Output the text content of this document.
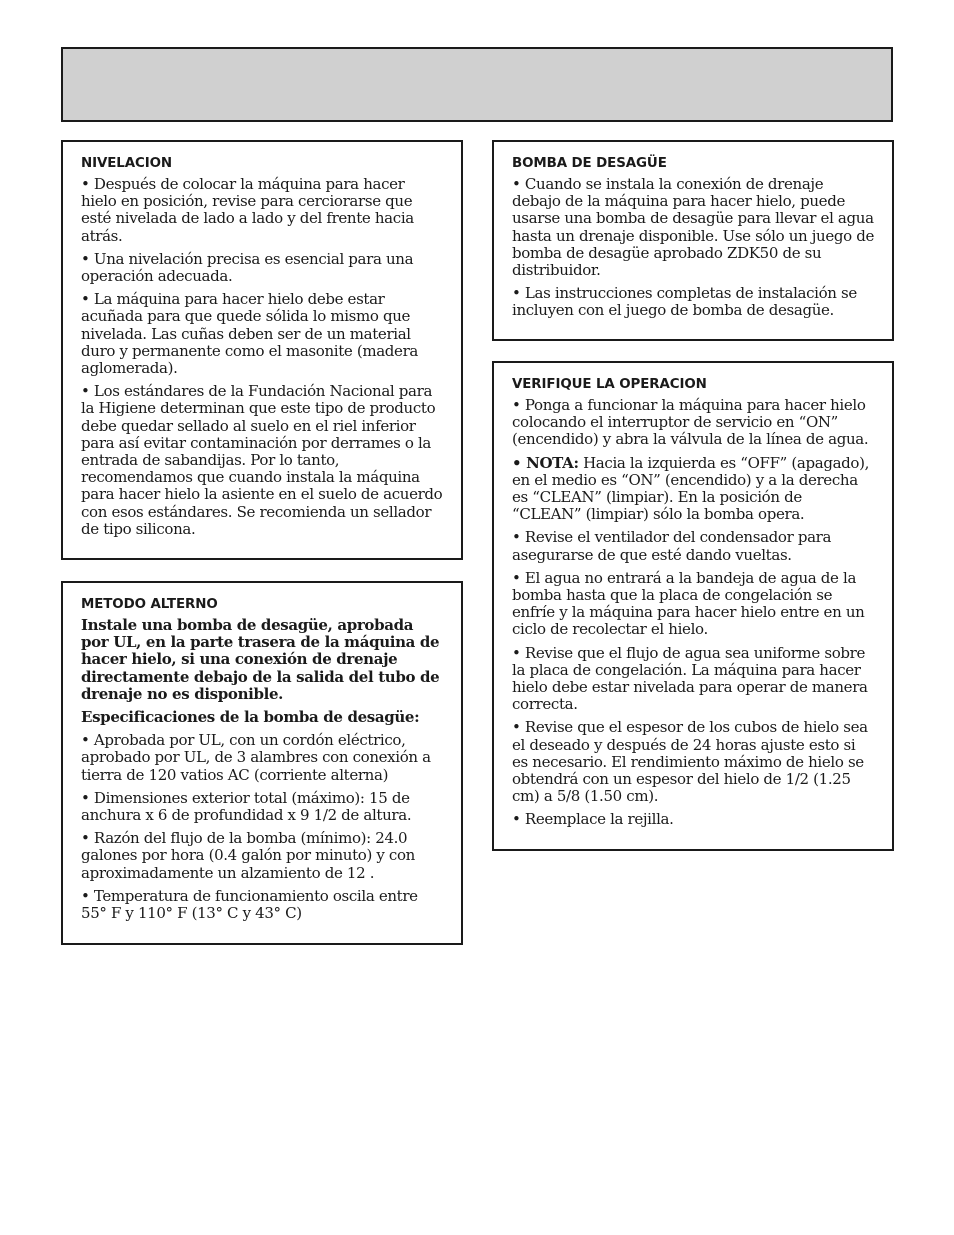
NIVELACION

• Después de colocar la máquina para hacer hielo en posición, revise para cerciorarse que esté nivelada de lado a lado y del frente hacia atrás.

• Una nivelación precisa es esencial para una operación adecuada.

• La máquina para hacer hielo debe estar acuñada para que quede sólida lo mismo que nivelada. Las cuñas deben ser de un material duro y permanente como el masonite (madera aglomerada).

• Los estándares de la Fundación Nacional para la Higiene determinan que este tipo de producto debe quedar sellado al suelo en el riel inferior para así evitar contaminación por derrames o la entrada de sabandijas. Por lo tanto, recomendamos que cuando instala la máquina para hacer hielo la asiente en el suelo de acuerdo con esos estándares. Se recomienda un sellador de tipo silicona.

METODO ALTERNO

Instale una bomba de desagüe, aprobada por UL, en la parte trasera de la máquina de hacer hielo, si una conexión de drenaje directamente debajo de la salida del tubo de drenaje no es disponible.

Especificaciones de la bomba de desagüe:

• Aprobada por UL, con un cordón eléctrico, aprobado por UL, de 3 alambres con conexión a tierra de 120 vatios AC (corriente alterna)

• Dimensiones exterior total (máximo): 15 de anchura x 6 de profundidad x 9 1/2 de altura.

• Razón del flujo de la bomba (mínimo): 24.0 galones por hora (0.4 galón por minuto) y con aproximadamente un alzamiento de 12 .

• Temperatura de funcionamiento oscila entre 55° F y 110° F (13° C y 43° C)

BOMBA DE DESAGÜE

• Cuando se instala la conexión de drenaje debajo de la máquina para hacer hielo, puede usarse una bomba de desagüe para llevar el agua hasta un drenaje disponible. Use sólo un juego de bomba de desagüe aprobado ZDK50 de su distribuidor.

• Las instrucciones completas de instalación se incluyen con el juego de bomba de desagüe.

VERIFIQUE LA OPERACION

• Ponga a funcionar la máquina para hacer hielo colocando el interruptor de servicio en “ON” (encendido) y abra la válvula de la línea de agua.

• NOTA: Hacia la izquierda es “OFF” (apagado), en el medio es “ON” (encendido) y a la derecha es “CLEAN” (limpiar). En la posición de “CLEAN” (limpiar) sólo la bomba opera.

• Revise el ventilador del condensador para asegurarse de que esté dando vueltas.

• El agua no entrará a la bandeja de agua de la bomba hasta que la placa de congelación se enfríe y la máquina para hacer hielo entre en un ciclo de recolectar el hielo.

• Revise que el flujo de agua sea uniforme sobre la placa de congelación. La máquina para hacer hielo debe estar nivelada para operar de manera correcta.

• Revise que el espesor de los cubos de hielo sea el deseado y después de 24 horas ajuste esto si es necesario. El rendimiento máximo de hielo se obtendrá con un espesor del hielo de 1/2 (1.25 cm) a 5/8 (1.50 cm).

• Reemplace la rejilla.
